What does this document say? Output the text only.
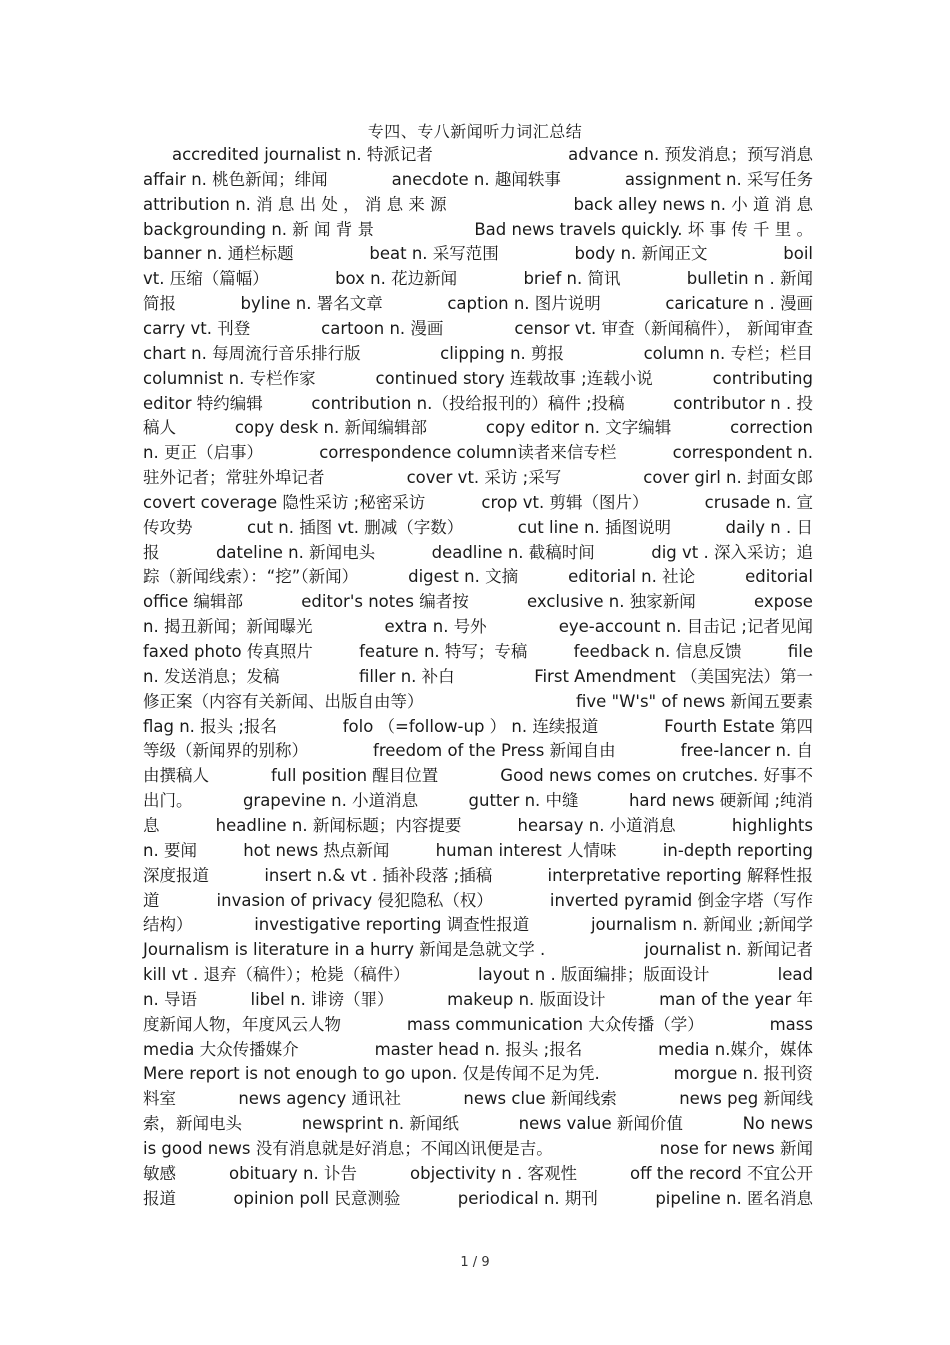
专四、专八新闻听力词汇总结
accredited journalist n. 特派记者	advance n. 预发消息；预写消息
affair n. 桃色新闻；绯闻	anecdote n. 趣闻轶事	assignment n. 采写任务
attribution n. 消 息 出 处 ， 消 息 来 源	back alley news n. 小 道 消 息
backgrounding n. 新 闻 背 景	Bad news travels quickly. 坏 事 传 千 里 。
banner n. 通栏标题	beat n. 采写范围	body n. 新闻正文	boil
vt. 压缩（篇幅）	box n. 花边新闻	brief n. 简讯	bulletin n . 新闻
简报	byline n. 署名文章	caption n. 图片说明	caricature n . 漫画
carry vt. 刊登	cartoon n. 漫画	censor vt. 审查（新闻稿件）， 新闻审查
chart n. 每周流行音乐排行版	clipping n. 剪报	column n. 专栏；栏目
columnist n. 专栏作家	continued story 连载故事 ;连载小说	contributing
editor 特约编辑	contribution n.（投给报刊的）稿件 ;投稿	contributor n . 投
稿人	copy desk n. 新闻编辑部	copy editor n. 文字编辑	correction
n. 更正（启事）	correspondence column读者来信专栏	correspondent n.
驻外记者；常驻外埠记者	cover vt. 采访 ;采写	cover girl n. 封面女郎
covert coverage 隐性采访 ;秘密采访	crop vt. 剪辑（图片）	crusade n. 宣
传攻势	cut n. 插图 vt. 删减（字数）	cut line n. 插图说明	daily n . 日
报	dateline n. 新闻电头	deadline n. 截稿时间	dig vt . 深入采访；追
踪（新闻线索）：“挖”（新闻）	digest n. 文摘	editorial n. 社论	editorial
office 编辑部	editor's notes 编者按	exclusive n. 独家新闻	expose
n. 揭丑新闻；新闻曝光	extra n. 号外	eye-account n. 目击记 ;记者见闻
faxed photo 传真照片	feature n. 特写；专稿	feedback n. 信息反馈	file
n. 发送消息；发稿	filler n. 补白	First Amendment （美国宪法）第一
修正案（内容有关新闻、出版自由等）	five "W's" of news 新闻五要素
flag n. 报头 ;报名	folo （=follow-up ） n. 连续报道	Fourth Estate 第四
等级（新闻界的别称）	freedom of the Press 新闻自由	free-lancer n. 自
由撰稿人	full position 醒目位置	Good news comes on crutches. 好事不
出门。	grapevine n. 小道消息	gutter n. 中缝	hard news 硬新闻 ;纯消
息	headline n. 新闻标题；内容提要	hearsay n. 小道消息	highlights
n. 要闻	hot news 热点新闻	human interest 人情味	in-depth reporting
深度报道	insert n.& vt . 插补段落 ;插稿	interpretative reporting 解释性报
道	invasion of privacy 侵犯隐私（权）	inverted pyramid 倒金字塔（写作
结构）	investigative reporting 调查性报道	journalism n. 新闻业 ;新闻学
Journalism is literature in a hurry 新闻是急就文学 .	journalist n. 新闻记者
kill vt . 退弃（稿件）；枪毙（稿件）	layout n . 版面编排；版面设计	lead
n. 导语	libel n. 诽谤（罪）	makeup n. 版面设计	man of the year 年
度新闻人物，年度风云人物	mass communication 大众传播（学）	mass
media 大众传播媒介	master head n. 报头 ;报名	media n.媒介，媒体
Mere report is not enough to go upon. 仅是传闻不足为凭.	morgue n. 报刊资
料室	news agency 通讯社	news clue 新闻线索	news peg 新闻线
索，新闻电头	newsprint n. 新闻纸	news value 新闻价值	No news
is good news 没有消息就是好消息；不闻凶讯便是吉。	nose for news 新闻
敏感	obituary n. 讣告	objectivity n . 客观性	off the record 不宜公开
报道	opinion poll 民意测验	periodical n. 期刊	pipeline n. 匿名消息
1 / 9
